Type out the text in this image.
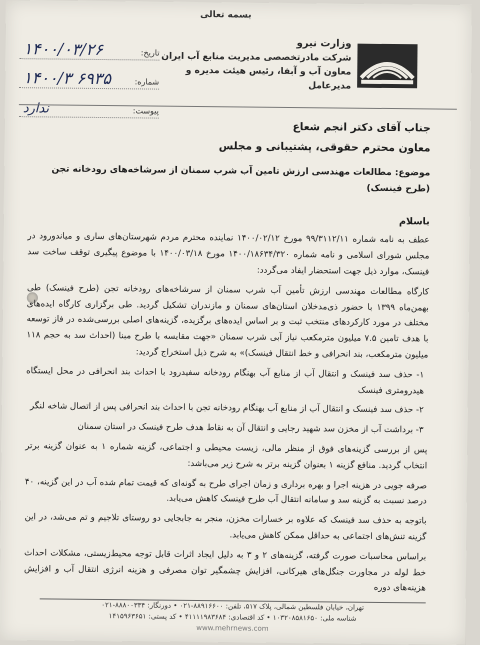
بسمه تعالی
وزارت نیرو
شرکت مادرتخصصی مدیریت منابع آب ایران
معاون آب و آبفا، رئیس هیئت مدیره و مدیرعامل
تاریخ:
۱۴۰۰/۰۳/۲۶
شماره:
۱۴۰۰/۳ ۶۹۳۵
پیوست:
ندارد
جناب آقای دکتر انجم شعاع
معاون محترم حقوقی، پشتیبانی و مجلس
موضوع: مطالعات مهندسی ارزش تامین آب شرب سمنان از سرشاخه‌های رودخانه تجن (طرح فینسک)
باسلام
عطف به نامه شماره ۹۹/۳۱۱۲/۱۱ مورخ ۱۴۰۰/۰۲/۱۲ نماینده محترم مردم شهرستان‌های ساری و میاندورود در مجلس شورای اسلامی و نامه شماره ۱۴۰۰/۱۸۶۳۴/۳۲۰ مورخ ۱۴۰۰/۰۳/۱۸ با موضوع پیگیری توقف ساخت سد فینسک، موارد ذیل جهت استحضار ایفاد می‌گردد:
کارگاه مطالعات مهندسی ارزش تأمین آب شرب سمنان از سرشاخه‌های رودخانه تجن (طرح فینسک) طی بهمن‌ماه ۱۳۹۹ با حضور ذی‌مدخلان استان‌های سمنان و مازندران تشکیل گردید. طی برگزاری کارگاه ایده‌های مختلف در مورد کارکردهای منتخب ثبت و بر اساس ایده‌های برگزیده، گزینه‌های اصلی بررسی‌شده در فاز توسعه با هدف تامین ۷.۵ میلیون مترمکعب نیاز آبی شرب سمنان «جهت مقایسه با طرح مبنا (احداث سد به حجم ۱۱۸ میلیون مترمکعب، بند انحرافی و خط انتقال فینسک)» به شرح ذیل استخراج گردید:
۱- حذف سد فینسک و انتقال آب از منابع آب بهنگام رودخانه سفیدرود با احداث بند انحرافی در محل ایستگاه هیدرومتری فینسک
۲- حذف سد فینسک و انتقال آب از منابع آب بهنگام رودخانه تجن با احداث بند انحرافی پس از اتصال شاخه لنگر
۳- برداشت آب از مخزن سد شهید رجایی و انتقال آن به نقاط هدف طرح فینسک در استان سمنان
پس از بررسی گزینه‌های فوق از منظر مالی، زیست محیطی و اجتماعی، گزینه شماره ۱ به عنوان گزینه برتر انتخاب گردید. منافع گزینه ۱ بعنوان گزینه برتر به شرح زیر می‌باشد:
صرفه جویی در هزینه اجرا و بهره برداری و زمان اجرای طرح به گونه‌ای که قیمت تمام شده آب در این گزینه، ۴۰ درصد نسبت به گزینه سد و سامانه انتقال آب طرح فینسک کاهش می‌یابد.
باتوجه به حذف سد فینسک که علاوه بر خسارات مخزن، منجر به جابجایی دو روستای تلاجیم و تم می‌شد، در این گزینه تنش‌های اجتماعی به حداقل ممکن کاهش می‌یابد.
براساس محاسبات صورت گرفته، گزینه‌های ۲ و ۳ به دلیل ایجاد اثرات قابل توجه محیط‌زیستی، مشکلات احداث خط لوله در مجاورت جنگل‌های هیرکانی، افزایش چشمگیر توان مصرفی و هزینه انرژی انتقال آب و افزایش هزینه‌های دوره
تهران، خیابان فلسطین شمالی، پلاک ۵۱۷، تلفن: ۸۸۹۱۶۶۰۰-۰۲۱ • دورنگار: ۸۸۸۰۰۳۳۴-۰۲۱
شناسه ملی: ۱۰۳۲۰۸۵۸۱۶۵۰ • کد اقتصادی: ۴۱۱۱۱۹۸۳۶۸۴ • کد پستی: ۱۴۱۵۹۶۳۶۵۱
www.mehrnews.com
